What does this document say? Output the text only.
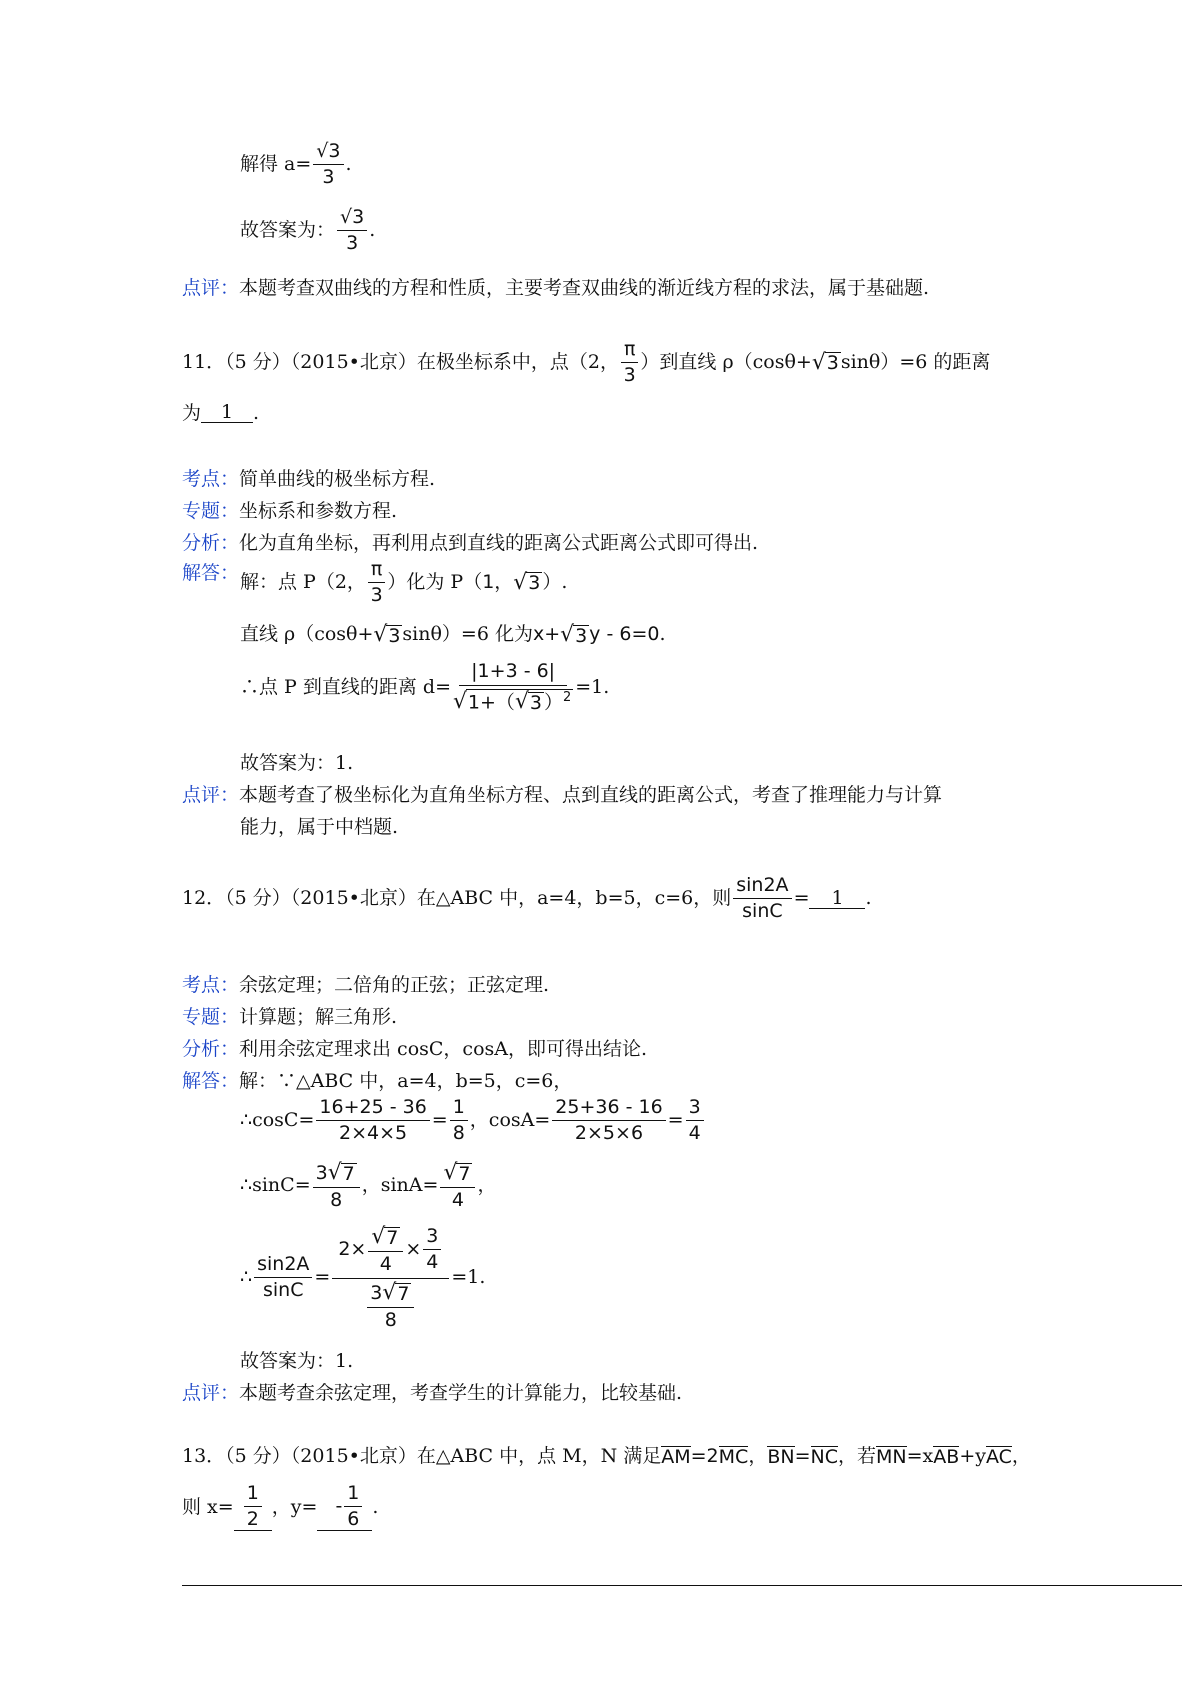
解得 $a= \frac{√3}{3}$ .
故答案为： $\frac{√3}{3}$ .
点评： 本题考查双曲线的方程和性质，主要考查双曲线的渐近线方程的求法，属于基础题.
11．（5 分）（2015•北京）在极坐标系中，点（2， $\frac{\pi}{3}$ ）到直线 ρ（cosθ+ √ 3 sinθ）=6 的距离
为	1	.
考点： 简单曲线的极坐标方程.
专题： 坐标系和参数方程.
分析： 化为直角坐标，再利用点到直线的距离公式距离公式即可得出.
解答： 解：点 P（2， $\frac{\pi}{3}$ ）化为 P （1， √ 3 ） .
直线 ρ（cosθ+ √ 3 sinθ）=6 化为 x+ √ 3 y - 6=0 .
∴点 P 到直线的距离 $d= \frac{|1+3 - 6|}{√ 1+( √ 3 )^2} =1$.
故答案为：1.
点评： 本题考查了极坐标化为直角坐标方程、点到直线的距离公式，考查了推理能力与计算
能力，属于中档题.
12．（5 分）（2015•北京）在△ABC 中，a=4，b=5，c=6，则 $\frac{\sin 2A}{\sin C}$ =	1	.
考点： 余弦定理；二倍角的正弦；正弦定理.
专题： 计算题；解三角形.
分析： 利用余弦定理求出 cosC，cosA，即可得出结论.
解答： 解：∵△ABC 中，a=4，b=5，c=6，
∴cosC= $\frac{16+25 - 36}{2\times 4\times 5} = \frac{1}{8}$ ，$\cos A= \frac{25+36 - 16}{2\times 5\times 6} = \frac{3}{4}$
∴sinC= $\frac{3 √ 7}{8}$ ，$\sin A= \frac{√ 7}{4}$ ，
∴ $\frac{\sin 2A}{\sin C}$ =
$2\times \frac{√ 7}{4} \times \frac{3}{4}$
$\frac{3 √ 7}{8}$
=1.
故答案为：1.
点评： 本题考查余弦定理，考查学生的计算能力，比较基础.
13．（5 分）（2015•北京）在△ABC 中，点 M，N 满足 AM =2 MC ， BN = NC ，若 MN =x AB +y AC ，
则 $x= \frac{1}{2}$ ，$y= - \frac{1}{6}$ .
